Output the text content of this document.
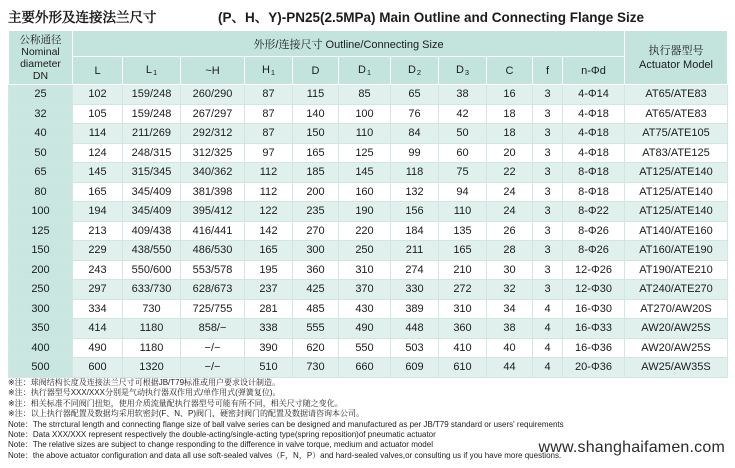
主要外形及连接法兰尺寸	(P、H、Y)-PN25(2.5MPa) Main Outline and Connecting Flange Size
公称通径
Nominal
diameter
DN	外形/连接尺寸 Outline/Connecting Size											执行器型号
Actuator Model

	L	$L_1$	~H	$H_1$	D	$D_1$	$D_2$	$D_3$	C	f	n-Φd	
25	102	159/248	260/290	87	115	85	65	38	16	3	4-Φ14	AT65/ATE83
32	105	159/248	267/297	87	140	100	76	42	18	3	4-Φ18	AT65/ATE83
40	114	211/269	292/312	87	150	110	84	50	18	3	4-Φ18	AT75/ATE105
50	124	248/315	312/325	97	165	125	99	60	20	3	4-Φ18	AT83/ATE125
65	145	315/345	340/362	112	185	145	118	75	22	3	8-Φ18	AT125/ATE140
80	165	345/409	381/398	112	200	160	132	94	24	3	8-Φ18	AT125/ATE140
100	194	345/409	395/412	122	235	190	156	110	24	3	8-Φ22	AT125/ATE140
125	213	409/438	416/441	142	270	220	184	135	26	3	8-Φ26	AT140/ATE160
150	229	438/550	486/530	165	300	250	211	165	28	3	8-Φ26	AT160/ATE190
200	243	550/600	553/578	195	360	310	274	210	30	3	12-Φ26	AT190/ATE210
250	297	633/730	628/673	237	425	370	330	272	32	3	12-Φ30	AT240/ATE270
300	334	730	725/755	281	485	430	389	310	34	4	16-Φ30	AT270/AW20S
350	414	1180	858/−	338	555	490	448	360	38	4	16-Φ33	AW20/AW25S
400	490	1180	−/−	390	620	550	503	410	40	4	16-Φ36	AW20/AW25S
500	600	1320	−/−	510	730	660	609	610	44	4	20-Φ36	AW25/AW35S
※注：球阀结构长度及连接法兰尺寸可根据JB/T79标准或用户要求设计制造。
※注：执行器型号XXX/XXX分别是气动执行器双作用式/单作用式(弹簧复位)。
※注：相关标准不同阀门扭矩，使用介质流量配执行器型号可能有所不同，相关尺寸随之变化。
※注：以上执行器配置及数据均采用软密封(F、N、P)阀门，硬密封阀门的配置及数据请咨询本公司。
Note：The strrctural length and connecting flange size of ball valve series can be designed and manufactured as per JB/T79 standard or users' requirements
Note：Data XXX/XXX represent respectively the double-acting/single-acting type(spring reposition)of pneumatic actuator
Note：The relative sizes are subject to change responding to the difference in valve torque, medium and actuator model
Note：the above actuator configuration and data all use soft-sealed valves（F，N，P）and hard-sealed valves,or consulting us if you have more questions.
www.shanghaifamen.com
